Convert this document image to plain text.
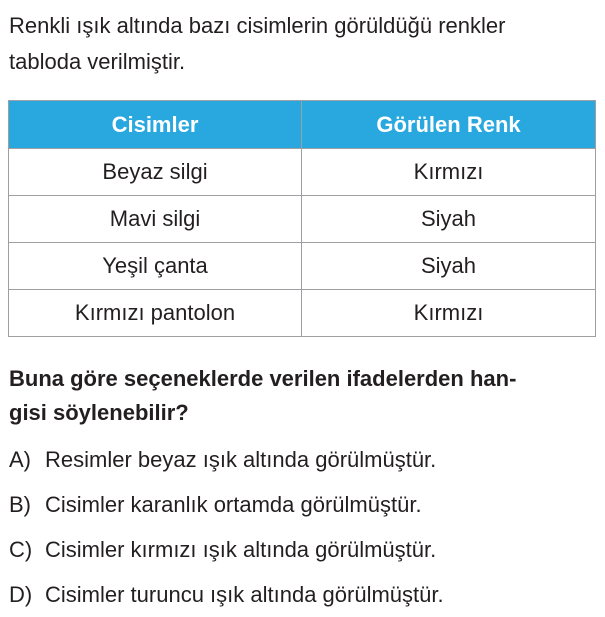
Renkli ışık altında bazı cisimlerin görüldüğü renkler
tabloda verilmiştir.

Cisimler	Görülen Renk
Beyaz silgi	Kırmızı
Mavi silgi	Siyah
Yeşil çanta	Siyah
Kırmızı pantolon	Kırmızı

Buna göre seçeneklerde verilen ifadelerden han-
gisi söylenebilir?

A) Resimler beyaz ışık altında görülmüştür.
B) Cisimler karanlık ortamda görülmüştür.
C) Cisimler kırmızı ışık altında görülmüştür.
D) Cisimler turuncu ışık altında görülmüştür.
